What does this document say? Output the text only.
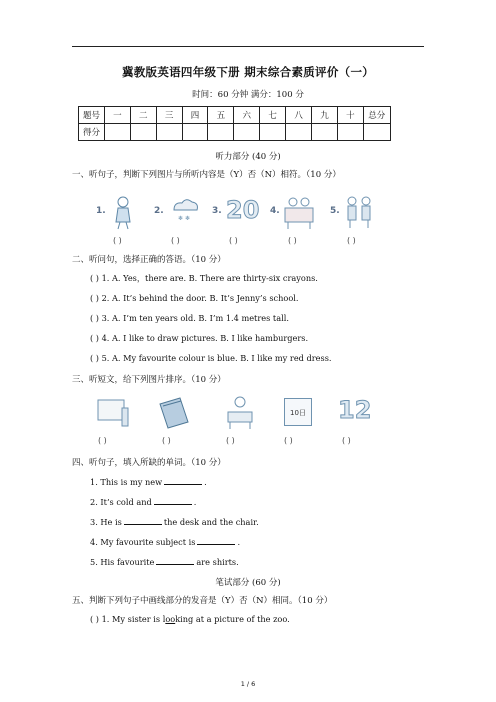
冀教版英语四年级下册 期末综合素质评价（一）
时间：60 分钟 满分：100 分
题号	一	二	三	四	五	六	七	八	九	十	总分
得分											
听力部分 (40 分)
一、听句子，判断下列图片与所听内容是（Y）否（N）相符。（10 分）
1.	2.
❄ ❄
3. 20 4.	5.
( )	( )	( )	( )	( )
二、听问句，选择正确的答语。（10 分）
( ) 1. A. Yes，there are. B. There are thirty-six crayons.
( ) 2. A. It’s behind the door. B. It’s Jenny’s school.
( ) 3. A. I’m ten years old. B. I’m 1.4 metres tall.
( ) 4. A. I like to draw pictures. B. I like hamburgers.
( ) 5. A. My favourite colour is blue. B. I like my red dress.
三、听短文，给下列图片排序。（10 分）
10日 12
( )	( )	( )	( )	( )
四、听句子，填入所缺的单词。（10 分）
1. This is my new	.
2. It’s cold and	.
3. He is	the desk and the chair.
4. My favourite subject is	.
5. His favourite	are shirts.
笔试部分 (60 分)
五、判断下列句子中画线部分的发音是（Y）否（N）相同。（10 分）
( ) 1. My sister is looking at a picture of the zoo.
1 / 6
